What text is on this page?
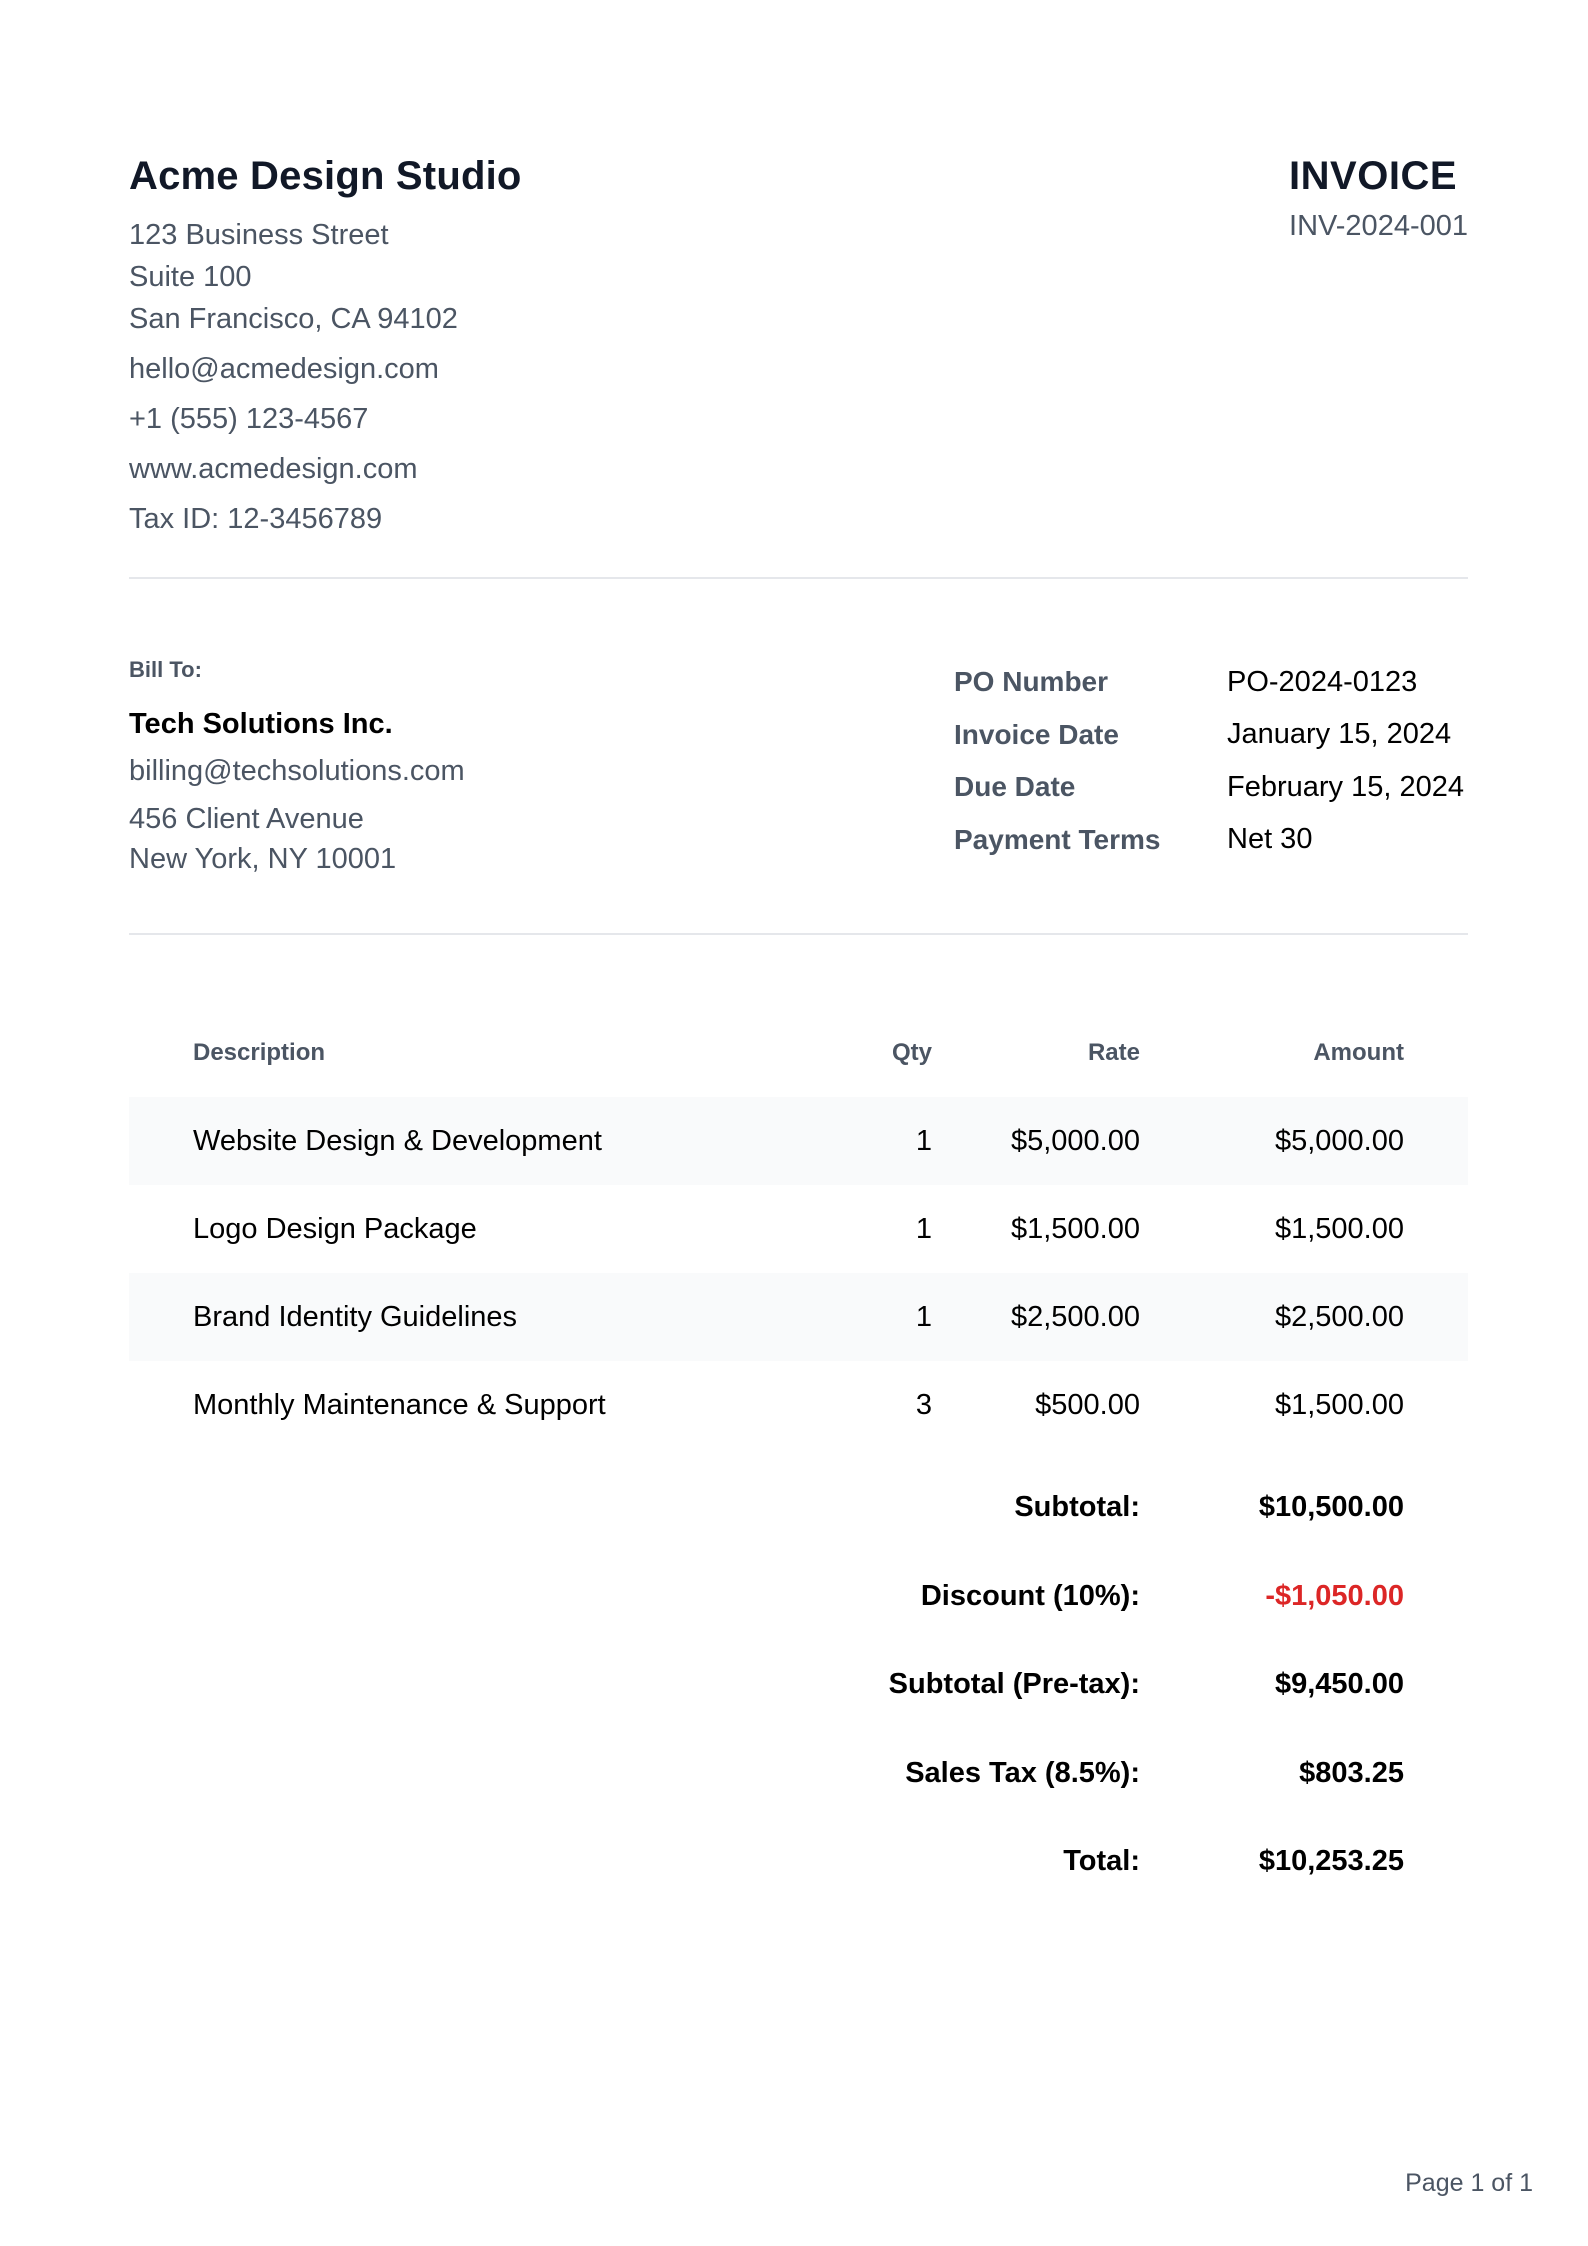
Acme Design Studio
123 Business Street
Suite 100
San Francisco, CA 94102
hello@acmedesign.com
+1 (555) 123-4567
www.acmedesign.com
Tax ID: 12-3456789
INVOICE
INV-2024-001
Bill To:
Tech Solutions Inc.
billing@techsolutions.com
456 Client Avenue
New York, NY 10001
PO Number	PO-2024-0123
Invoice Date	January 15, 2024
Due Date	February 15, 2024
Payment Terms	Net 30
Description	Qty	Rate	Amount
Website Design & Development	1	$5,000.00	$5,000.00
Logo Design Package	1	$1,500.00	$1,500.00
Brand Identity Guidelines	1	$2,500.00	$2,500.00
Monthly Maintenance & Support	3	$500.00	$1,500.00
Subtotal:	$10,500.00
Discount (10%):	-$1,050.00
Subtotal (Pre-tax):	$9,450.00
Sales Tax (8.5%):	$803.25
Total:	$10,253.25
Page 1 of 1
